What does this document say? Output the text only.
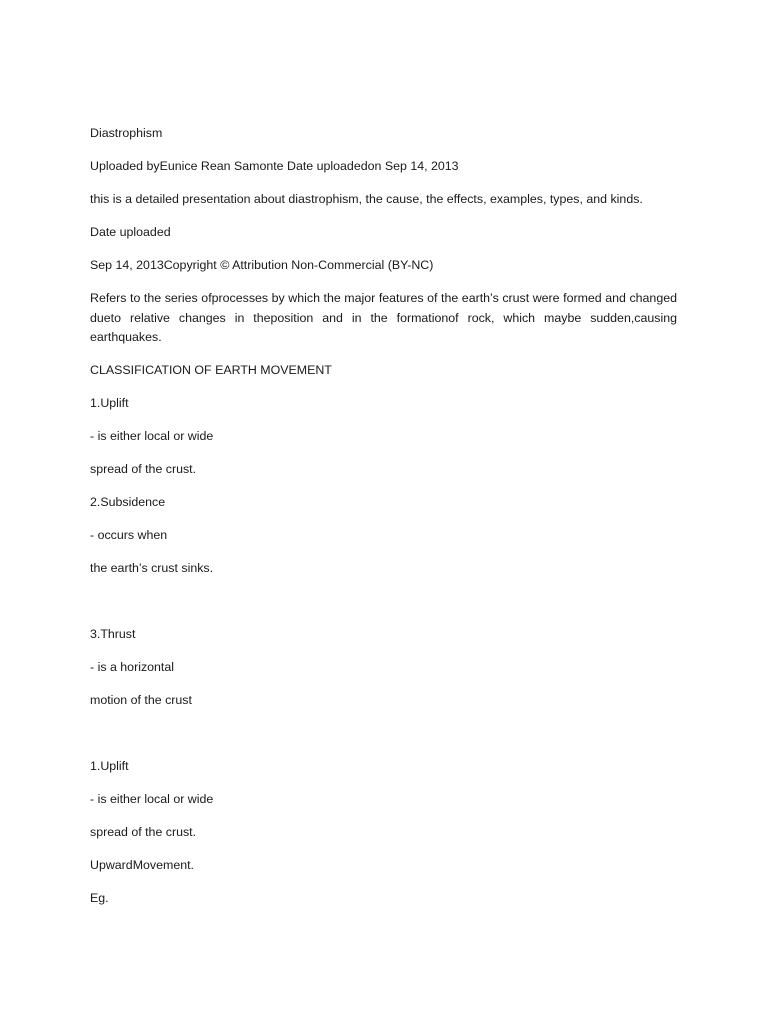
Diastrophism

Uploaded byEunice Rean Samonte Date uploadedon Sep 14, 2013

this is a detailed presentation about diastrophism, the cause, the effects, examples, types, and kinds.

Date uploaded

Sep 14, 2013Copyright © Attribution Non-Commercial (BY-NC)

Refers to the series ofprocesses by which the major features of the earth’s crust were formed and changed dueto relative changes in theposition and in the formationof rock, which maybe sudden,causing earthquakes.

CLASSIFICATION OF EARTH MOVEMENT

1.Uplift

- is either local or wide

spread of the crust.

2.Subsidence

- occurs when

the earth’s crust sinks.

3.Thrust

- is a horizontal

motion of the crust

1.Uplift

- is either local or wide

spread of the crust.

UpwardMovement.

Eg.
